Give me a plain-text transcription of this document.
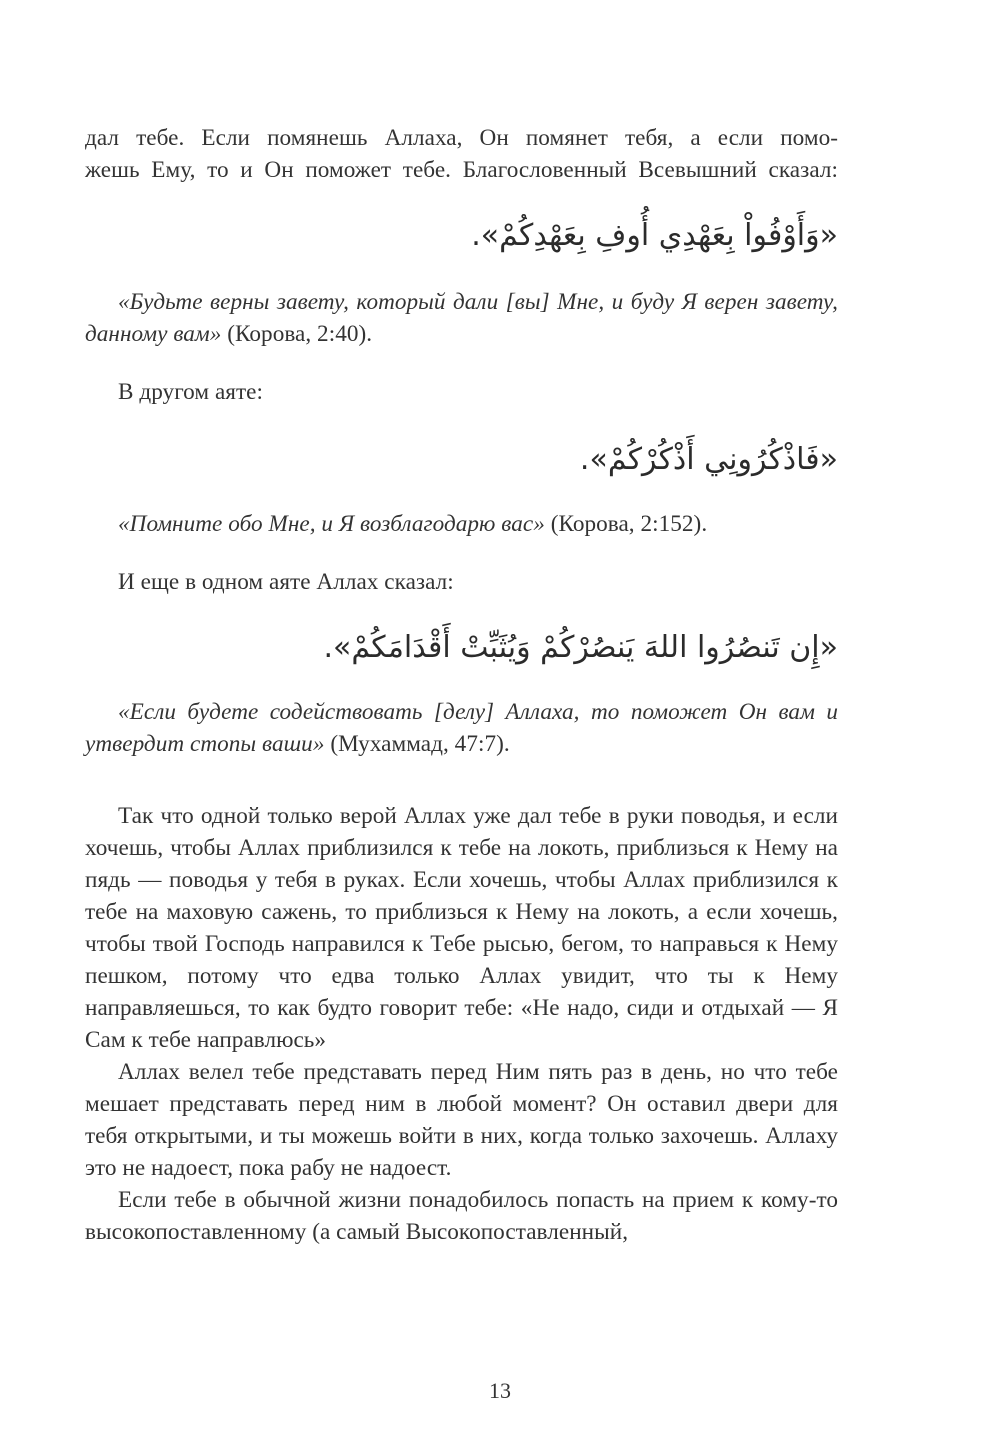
дал тебе. Если помянешь Аллаха, Он помянет тебя, а если помо-

жешь Ему, то и Он поможет тебе. Благословенный Всевышний сказал:

«وَأَوْفُواْ بِعَهْدِي أُوفِ بِعَهْدِكُمْ».

«Будьте верны завету, который дали [вы] Мне, и буду Я верен завету, данному вам» (Корова, 2:40).

В другом аяте:

«فَاذْكُرُونِي أَذْكُرْكُمْ».

«Помните обо Мне, и Я возблагодарю вас» (Корова, 2:152).

И еще в одном аяте Аллах сказал:

«إِن تَنصُرُوا اللهَ يَنصُرْكُمْ وَيُثَبِّتْ أَقْدَامَكُمْ».

«Если будете содействовать [делу] Аллаха, то поможет Он вам и утвердит стопы ваши» (Мухаммад, 47:7).

Так что одной только верой Аллах уже дал тебе в руки поводья, и если хочешь, чтобы Аллах приблизился к тебе на локоть, приблизься к Нему на пядь — поводья у тебя в руках. Если хочешь, чтобы Аллах приблизился к тебе на маховую сажень, то приблизься к Нему на локоть, а если хочешь, чтобы твой Господь направился к Тебе рысью, бегом, то направься к Нему пешком, потому что едва только Аллах увидит, что ты к Нему направляешься, то как будто говорит тебе: «Не надо, сиди и отдыхай — Я Сам к тебе направлюсь»

Аллах велел тебе представать перед Ним пять раз в день, но что тебе мешает представать перед ним в любой момент? Он оставил двери для тебя открытыми, и ты можешь войти в них, когда только захочешь. Аллаху это не надоест, пока рабу не надоест.

Если тебе в обычной жизни понадобилось попасть на прием к кому-то высокопоставленному (а самый Высокопоставленный,

13
